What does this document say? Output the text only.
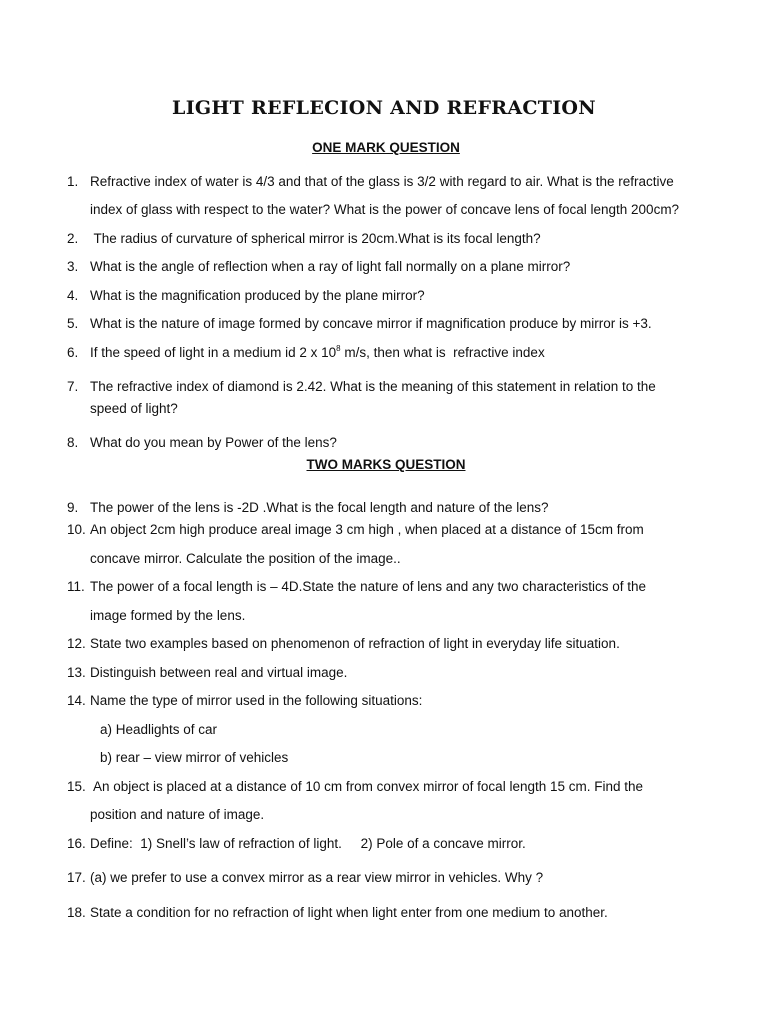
LIGHT REFLECION AND REFRACTION
ONE MARK QUESTION
1. Refractive index of water is 4/3 and that of the glass is 3/2 with regard to air. What is the refractive
index of glass with respect to the water? What is the power of concave lens of focal length 200cm?
2. The radius of curvature of spherical mirror is 20cm.What is its focal length?
3. What is the angle of reflection when a ray of light fall normally on a plane mirror?
4. What is the magnification produced by the plane mirror?
5. What is the nature of image formed by concave mirror if magnification produce by mirror is +3.
6. If the speed of light in a medium id 2 x $10^8$ m/s, then what is  refractive index
7. The refractive index of diamond is 2.42. What is the meaning of this statement in relation to the
speed of light?
8. What do you mean by Power of the lens?
TWO MARKS QUESTION
9. The power of the lens is -2D .What is the focal length and nature of the lens?
10. An object 2cm high produce areal image 3 cm high , when placed at a distance of 15cm from
concave mirror. Calculate the position of the image..
11. The power of a focal length is – 4D.State the nature of lens and any two characteristics of the
image formed by the lens.
12. State two examples based on phenomenon of refraction of light in everyday life situation.
13. Distinguish between real and virtual image.
14. Name the type of mirror used in the following situations:
a) Headlights of car
b) rear – view mirror of vehicles
15. An object is placed at a distance of 10 cm from convex mirror of focal length 15 cm. Find the
position and nature of image.
16. Define:  1) Snell’s law of refraction of light.     2) Pole of a concave mirror.
17. (a) we prefer to use a convex mirror as a rear view mirror in vehicles. Why ?
18. State a condition for no refraction of light when light enter from one medium to another.
